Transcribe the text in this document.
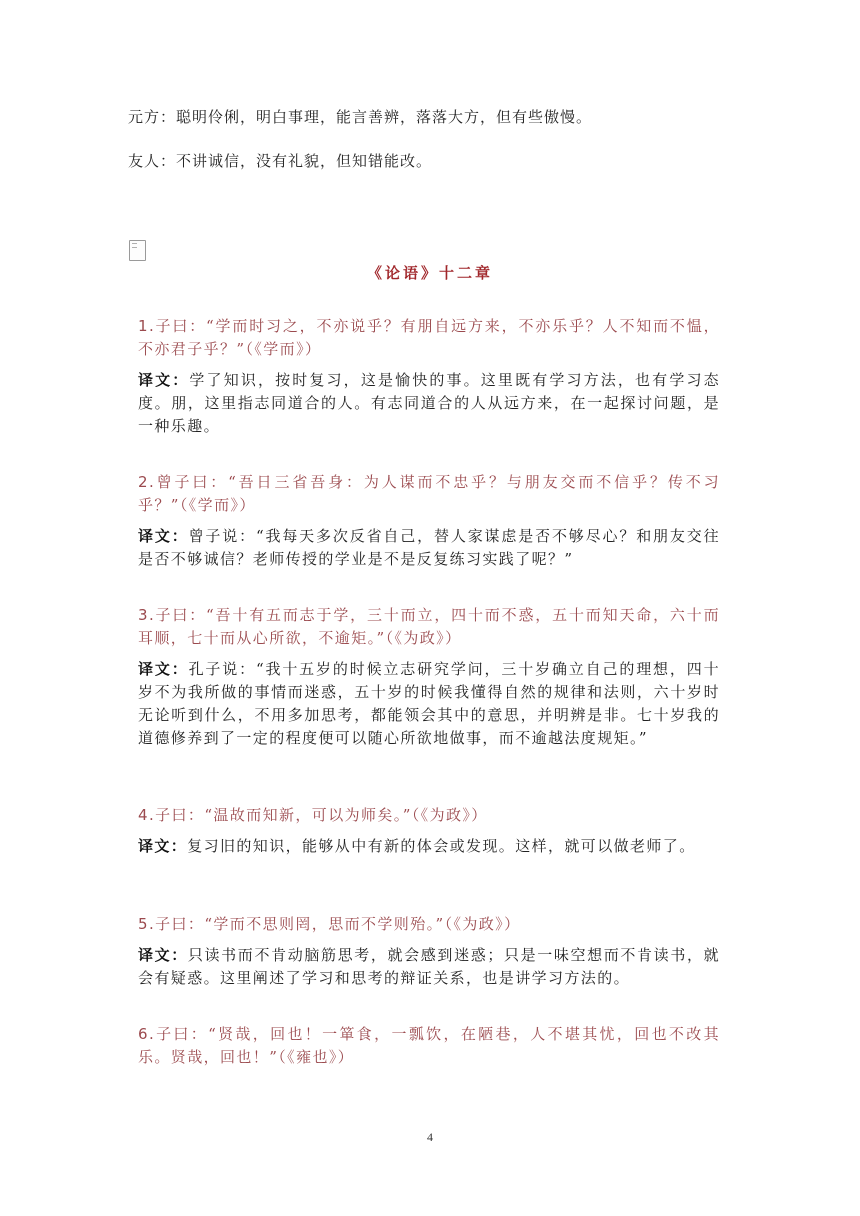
元方：聪明伶俐，明白事理，能言善辨，落落大方，但有些傲慢。
友人：不讲诚信，没有礼貌，但知错能改。
《论语》十二章

1.子曰：“学而时习之，不亦说乎？有朋自远方来，不亦乐乎？人不知而不愠，不亦君子乎？”（《学而》）

译文：学了知识，按时复习，这是愉快的事。这里既有学习方法，也有学习态度。朋，这里指志同道合的人。有志同道合的人从远方来，在一起探讨问题，是一种乐趣。

2.曾子曰：“吾日三省吾身：为人谋而不忠乎？与朋友交而不信乎？传不习乎？”（《学而》）

译文：曾子说：“我每天多次反省自己，替人家谋虑是否不够尽心？和朋友交往是否不够诚信？老师传授的学业是不是反复练习实践了呢？”

3.子曰：“吾十有五而志于学，三十而立，四十而不惑，五十而知天命，六十而耳顺，七十而从心所欲，不逾矩。”（《为政》）

译文：孔子说：“我十五岁的时候立志研究学问，三十岁确立自己的理想，四十岁不为我所做的事情而迷惑，五十岁的时候我懂得自然的规律和法则，六十岁时无论听到什么，不用多加思考，都能领会其中的意思，并明辨是非。七十岁我的道德修养到了一定的程度便可以随心所欲地做事，而不逾越法度规矩。”

4.子曰：“温故而知新，可以为师矣。”（《为政》）

译文：复习旧的知识，能够从中有新的体会或发现。这样，就可以做老师了。

5.子曰：“学而不思则罔，思而不学则殆。”（《为政》）

译文：只读书而不肯动脑筋思考，就会感到迷惑；只是一味空想而不肯读书，就会有疑惑。这里阐述了学习和思考的辩证关系，也是讲学习方法的。

6.子曰：“贤哉，回也！一箪食，一瓢饮，在陋巷，人不堪其忧，回也不改其乐。贤哉，回也！”（《雍也》）

4
